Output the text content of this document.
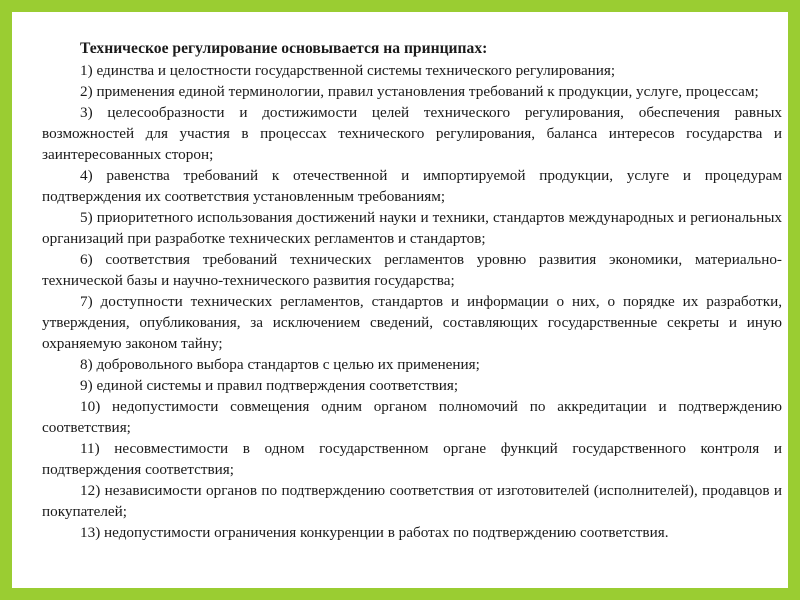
Техническое регулирование основывается на принципах:

1) единства и целостности государственной системы технического регулирования;

2) применения единой терминологии, правил установления требований к продукции, услуге, процессам;

3) целесообразности и достижимости целей технического регулирования, обеспечения равных возможностей для участия в процессах технического регулирования, баланса интересов государства и заинтересованных сторон;

4) равенства требований к отечественной и импортируемой продукции, услуге и процедурам подтверждения их соответствия установленным требованиям;

5) приоритетного использования достижений науки и техники, стандартов международных и региональных организаций при разработке технических регламентов и стандартов;

6) соответствия требований технических регламентов уровню развития экономики, материально-технической базы и научно-технического развития государства;

7) доступности технических регламентов, стандартов и информации о них, о порядке их разработки, утверждения, опубликования, за исключением сведений, составляющих государственные секреты и иную охраняемую законом тайну;

8) добровольного выбора стандартов с целью их применения;

9) единой системы и правил подтверждения соответствия;

10) недопустимости совмещения одним органом полномочий по аккредитации и подтверждению соответствия;

11) несовместимости в одном государственном органе функций государственного контроля и подтверждения соответствия;

12) независимости органов по подтверждению соответствия от изготовителей (исполнителей), продавцов и покупателей;

13) недопустимости ограничения конкуренции в работах по подтверждению соответствия.
